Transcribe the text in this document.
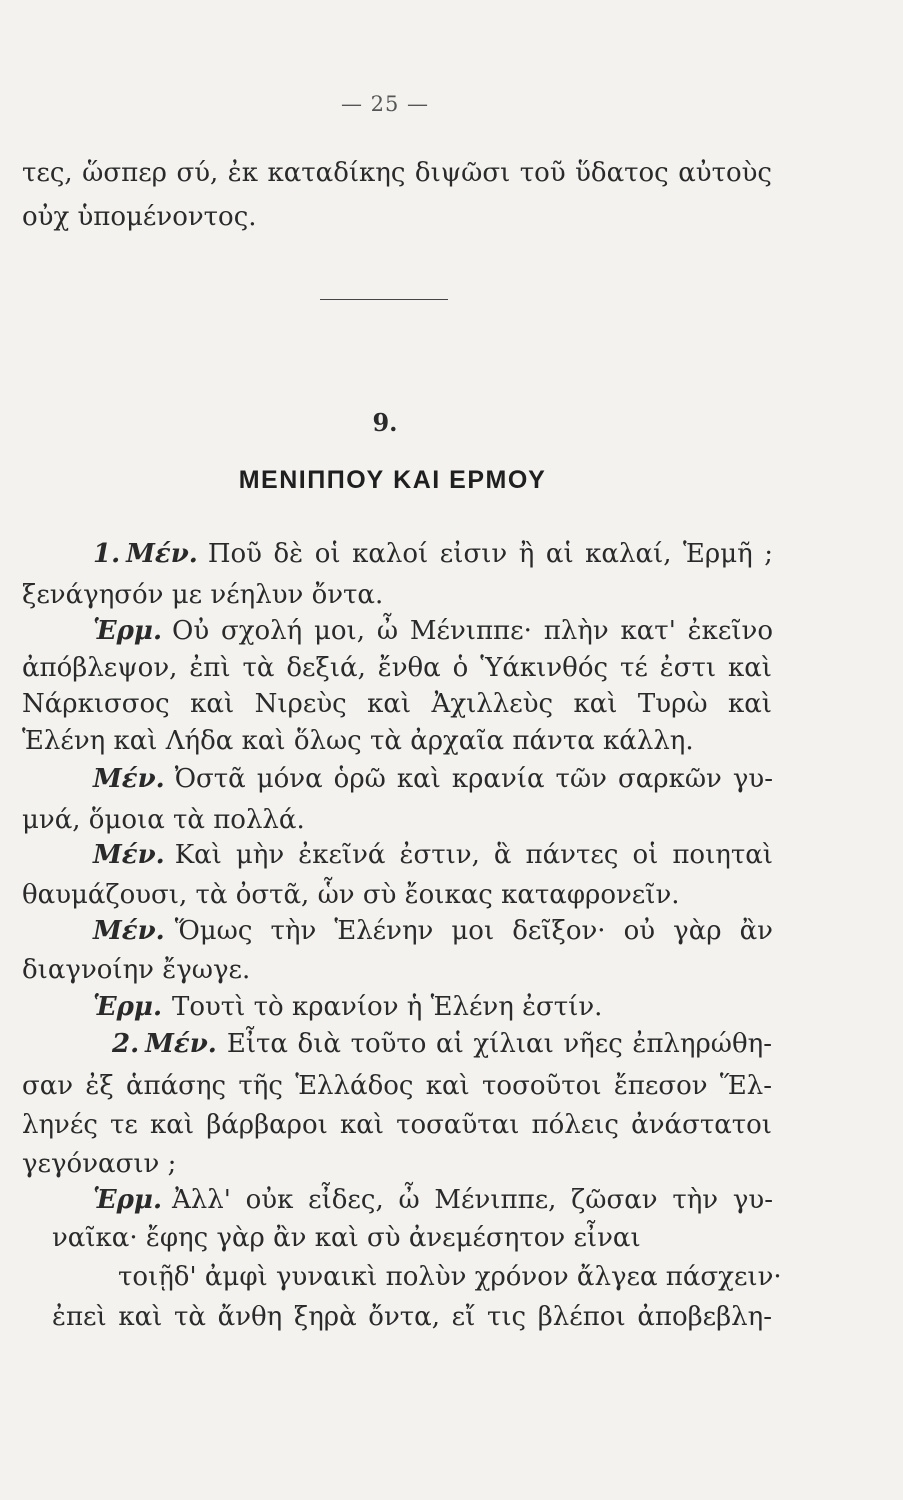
— 25 —
τες, ὥσπερ σύ, ἐκ καταδίκης διψῶσι τοῦ ὕδατος αὐτοὺς
οὐχ ὑπομένοντος.
9.
ΜΕΝΙΠΠΟΥ ΚΑΙ ΕΡΜΟΥ
1. Μέν. Ποῦ δὲ οἱ καλοί εἰσιν ἢ αἱ καλαί, Ἑρμῆ ;
ξενάγησόν με νέηλυν ὄντα.
Ἑρμ. Οὐ σχολή μοι, ὦ Μένιππε· πλὴν κατ' ἐκεῖνο
ἀπόβλεψον, ἐπὶ τὰ δεξιά, ἔνθα ὁ Ὑάκινθός τέ ἐστι καὶ
Νάρκισσος καὶ Νιρεὺς καὶ Ἀχιλλεὺς καὶ Τυρὼ καὶ
Ἑλένη καὶ Λήδα καὶ ὅλως τὰ ἀρχαῖα πάντα κάλλη.
Μέν. Ὀστᾶ μόνα ὁρῶ καὶ κρανία τῶν σαρκῶν γυ-
μνά, ὅμοια τὰ πολλά.
Μέν. Καὶ μὴν ἐκεῖνά ἐστιν, ἃ πάντες οἱ ποιηταὶ
θαυμάζουσι, τὰ ὀστᾶ, ὧν σὺ ἔοικας καταφρονεῖν.
Μέν. Ὅμως τὴν Ἑλένην μοι δεῖξον· οὐ γὰρ ἂν
διαγνοίην ἔγωγε.
Ἑρμ. Τουτὶ τὸ κρανίον ἡ Ἑλένη ἐστίν.
2. Μέν. Εἶτα διὰ τοῦτο αἱ χίλιαι νῆες ἐπληρώθη-
σαν ἐξ ἁπάσης τῆς Ἑλλάδος καὶ τοσοῦτοι ἔπεσον Ἕλ-
ληνές τε καὶ βάρβαροι καὶ τοσαῦται πόλεις ἀνάστατοι
γεγόνασιν ;
Ἑρμ. Ἀλλ' οὐκ εἶδες, ὦ Μένιππε, ζῶσαν τὴν γυ-
ναῖκα· ἔφης γὰρ ἂν καὶ σὺ ἀνεμέσητον εἶναι
τοιῇδ' ἀμφὶ γυναικὶ πολὺν χρόνον ἄλγεα πάσχειν·
ἐπεὶ καὶ τὰ ἄνθη ξηρὰ ὄντα, εἴ τις βλέποι ἀποβεβλη-
